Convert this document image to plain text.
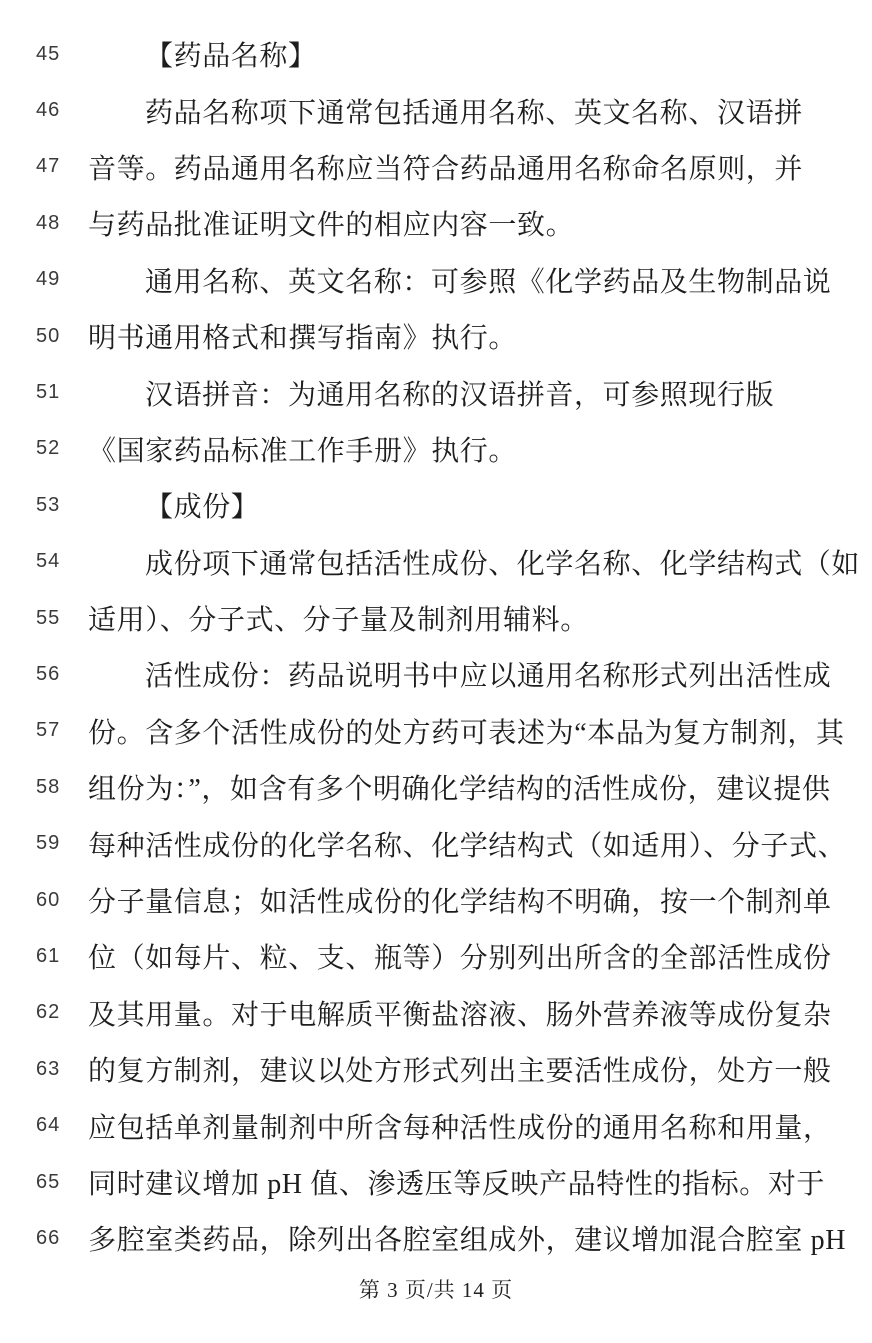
45	【药品名称】
46	药品名称项下通常包括通用名称、英文名称、汉语拼
47 音等。药品通用名称应当符合药品通用名称命名原则，并
48 与药品批准证明文件的相应内容一致。
49	通用名称、英文名称：可参照《化学药品及生物制品说
50 明书通用格式和撰写指南》执行。
51	汉语拼音：为通用名称的汉语拼音，可参照现行版
52 《国家药品标准工作手册》执行。
53	【成份】
54	成份项下通常包括活性成份、化学名称、化学结构式（如
55 适用）、分子式、分子量及制剂用辅料。
56	活性成份：药品说明书中应以通用名称形式列出活性成
57 份。含多个活性成份的处方药可表述为“本品为复方制剂，其
58 组份为：”，如含有多个明确化学结构的活性成份，建议提供
59 每种活性成份的化学名称、化学结构式（如适用）、分子式、
60 分子量信息；如活性成份的化学结构不明确，按一个制剂单
61 位（如每片、粒、支、瓶等）分别列出所含的全部活性成份
62 及其用量。对于电解质平衡盐溶液、肠外营养液等成份复杂
63 的复方制剂，建议以处方形式列出主要活性成份，处方一般
64 应包括单剂量制剂中所含每种活性成份的通用名称和用量，
65 同时建议增加 pH 值、渗透压等反映产品特性的指标。对于
66 多腔室类药品，除列出各腔室组成外，建议增加混合腔室 pH
第 3 页/共 14 页
